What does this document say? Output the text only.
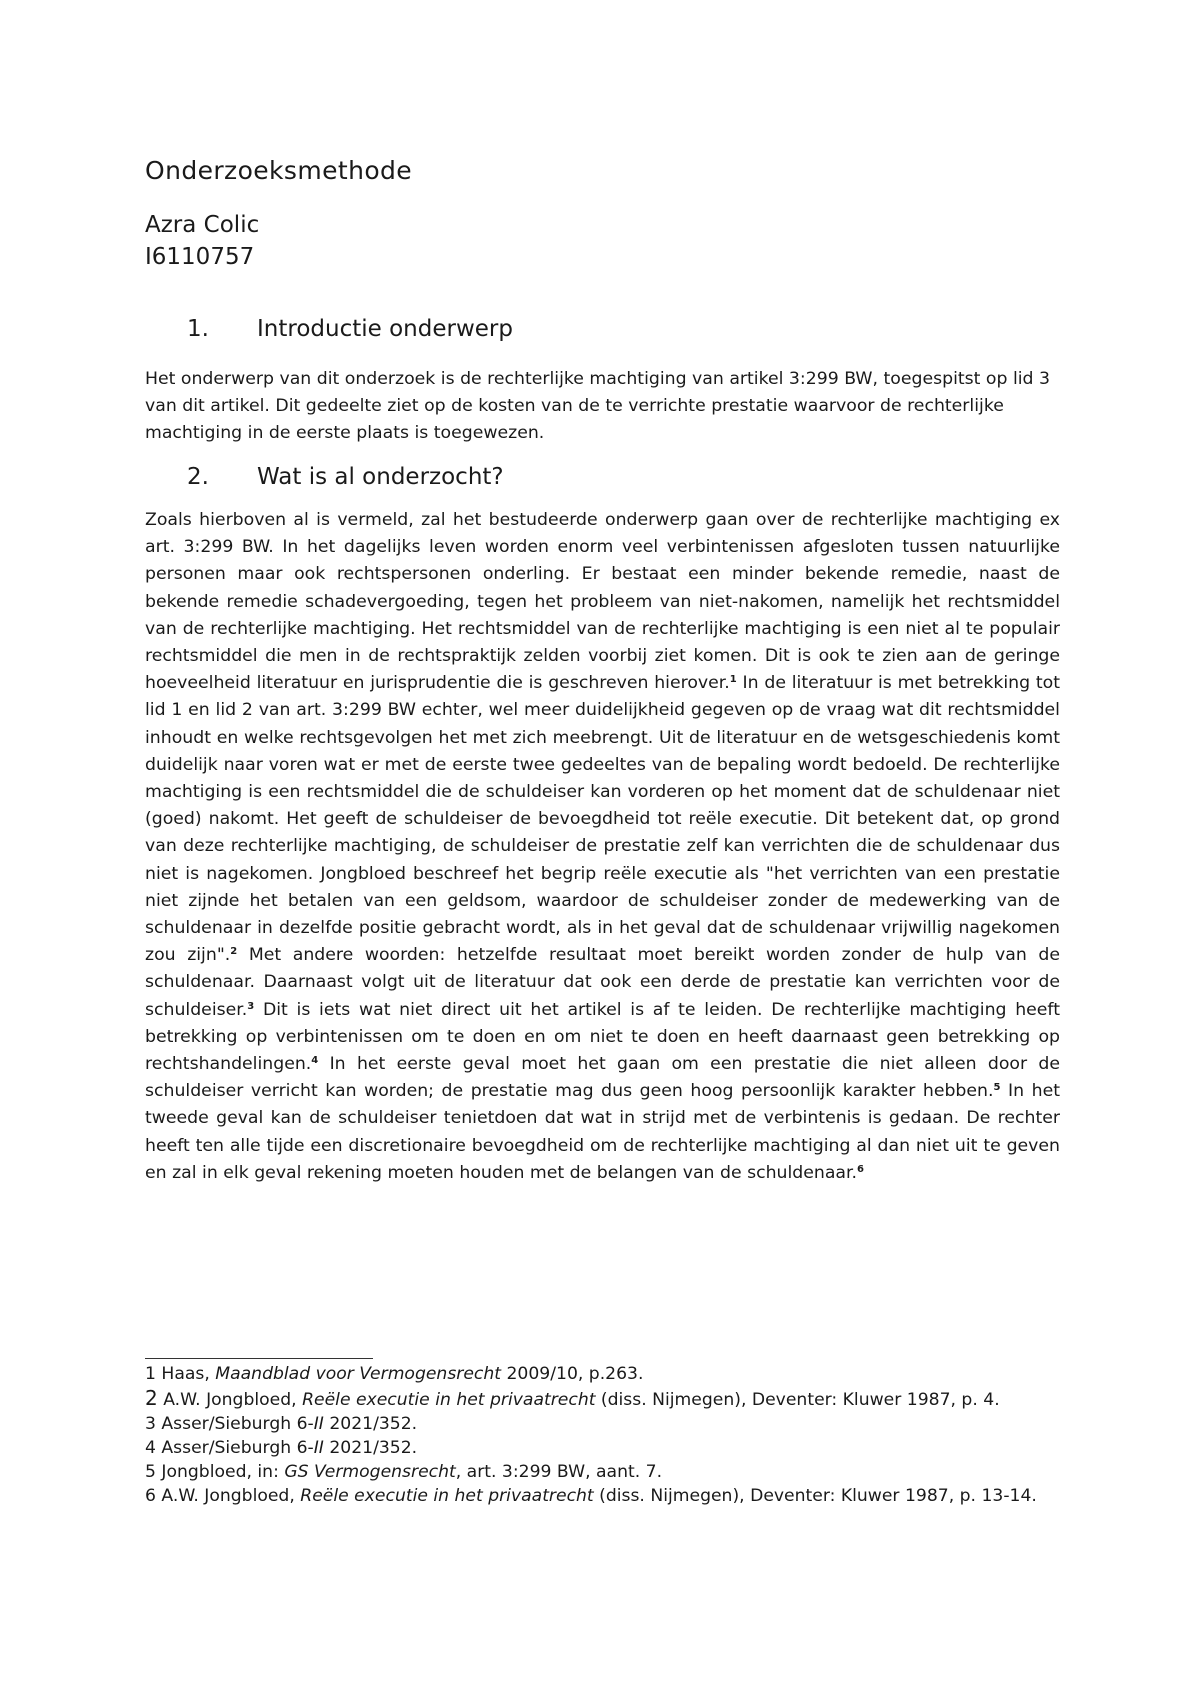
Onderzoeksmethode
Azra Colic
I6110757
1. Introductie onderwerp

Het onderwerp van dit onderzoek is de rechterlijke machtiging van artikel 3:299 BW, toegespitst op lid 3 van dit artikel. Dit gedeelte ziet op de kosten van de te verrichte prestatie waarvoor de rechterlijke machtiging in de eerste plaats is toegewezen.

2. Wat is al onderzocht?

Zoals hierboven al is vermeld, zal het bestudeerde onderwerp gaan over de rechterlijke machtiging ex art. 3:299 BW. In het dagelijks leven worden enorm veel verbintenissen afgesloten tussen natuurlijke personen maar ook rechtspersonen onderling. Er bestaat een minder bekende remedie, naast de bekende remedie schadevergoeding, tegen het probleem van niet-nakomen, namelijk het rechtsmiddel van de rechterlijke machtiging. Het rechtsmiddel van de rechterlijke machtiging is een niet al te populair rechtsmiddel die men in de rechtspraktijk zelden voorbij ziet komen. Dit is ook te zien aan de geringe hoeveelheid literatuur en jurisprudentie die is geschreven hierover.$^1$ In de literatuur is met betrekking tot lid 1 en lid 2 van art. 3:299 BW echter, wel meer duidelijkheid gegeven op de vraag wat dit rechtsmiddel inhoudt en welke rechtsgevolgen het met zich meebrengt. Uit de literatuur en de wetsgeschiedenis komt duidelijk naar voren wat er met de eerste twee gedeeltes van de bepaling wordt bedoeld. De rechterlijke machtiging is een rechtsmiddel die de schuldeiser kan vorderen op het moment dat de schuldenaar niet (goed) nakomt. Het geeft de schuldeiser de bevoegdheid tot reële executie. Dit betekent dat, op grond van deze rechterlijke machtiging, de schuldeiser de prestatie zelf kan verrichten die de schuldenaar dus niet is nagekomen. Jongbloed beschreef het begrip reële executie als "het verrichten van een prestatie niet zijnde het betalen van een geldsom, waardoor de schuldeiser zonder de medewerking van de schuldenaar in dezelfde positie gebracht wordt, als in het geval dat de schuldenaar vrijwillig nagekomen zou zijn".$^2$ Met andere woorden: hetzelfde resultaat moet bereikt worden zonder de hulp van de schuldenaar. Daarnaast volgt uit de literatuur dat ook een derde de prestatie kan verrichten voor de schuldeiser.$^3$ Dit is iets wat niet direct uit het artikel is af te leiden. De rechterlijke machtiging heeft betrekking op verbintenissen om te doen en om niet te doen en heeft daarnaast geen betrekking op rechtshandelingen.$^4$ In het eerste geval moet het gaan om een prestatie die niet alleen door de schuldeiser verricht kan worden; de prestatie mag dus geen hoog persoonlijk karakter hebben.$^5$ In het tweede geval kan de schuldeiser tenietdoen dat wat in strijd met de verbintenis is gedaan. De rechter heeft ten alle tijde een discretionaire bevoegdheid om de rechterlijke machtiging al dan niet uit te geven en zal in elk geval rekening moeten houden met de belangen van de schuldenaar.$^6$

1 Haas, Maandblad voor Vermogensrecht 2009/10, p.263.

2 A.W. Jongbloed, Reële executie in het privaatrecht (diss. Nijmegen), Deventer: Kluwer 1987, p. 4.

3 Asser/Sieburgh 6-II 2021/352.

4 Asser/Sieburgh 6-II 2021/352.

5 Jongbloed, in: GS Vermogensrecht, art. 3:299 BW, aant. 7.

6 A.W. Jongbloed, Reële executie in het privaatrecht (diss. Nijmegen), Deventer: Kluwer 1987, p. 13-14.
